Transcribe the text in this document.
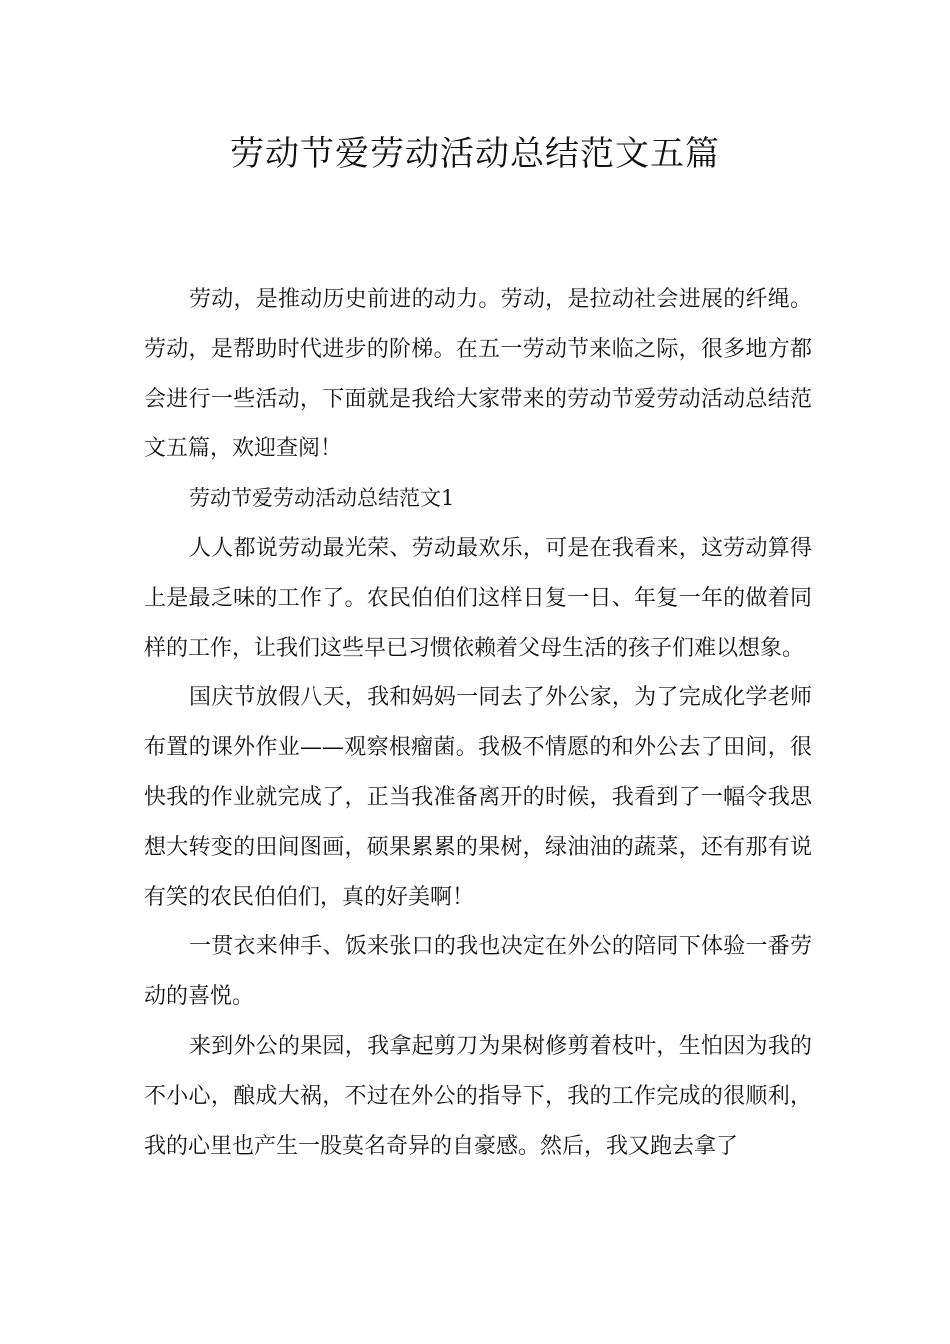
劳动节爱劳动活动总结范文五篇

劳动，是推动历史前进的动力。劳动，是拉动社会进展的纤绳。劳动，是帮助时代进步的阶梯。在五一劳动节来临之际，很多地方都会进行一些活动，下面就是我给大家带来的劳动节爱劳动活动总结范文五篇，欢迎查阅！

劳动节爱劳动活动总结范文1

人人都说劳动最光荣、劳动最欢乐，可是在我看来，这劳动算得上是最乏味的工作了。农民伯伯们这样日复一日、年复一年的做着同样的工作，让我们这些早已习惯依赖着父母生活的孩子们难以想象。

国庆节放假八天，我和妈妈一同去了外公家，为了完成化学老师布置的课外作业——观察根瘤菌。我极不情愿的和外公去了田间，很快我的作业就完成了，正当我准备离开的时候，我看到了一幅令我思想大转变的田间图画，硕果累累的果树，绿油油的蔬菜，还有那有说有笑的农民伯伯们，真的好美啊！

一贯衣来伸手、饭来张口的我也决定在外公的陪同下体验一番劳动的喜悦。

来到外公的果园，我拿起剪刀为果树修剪着枝叶，生怕因为我的不小心，酿成大祸，不过在外公的指导下，我的工作完成的很顺利，我的心里也产生一股莫名奇异的自豪感。然后，我又跑去拿了
